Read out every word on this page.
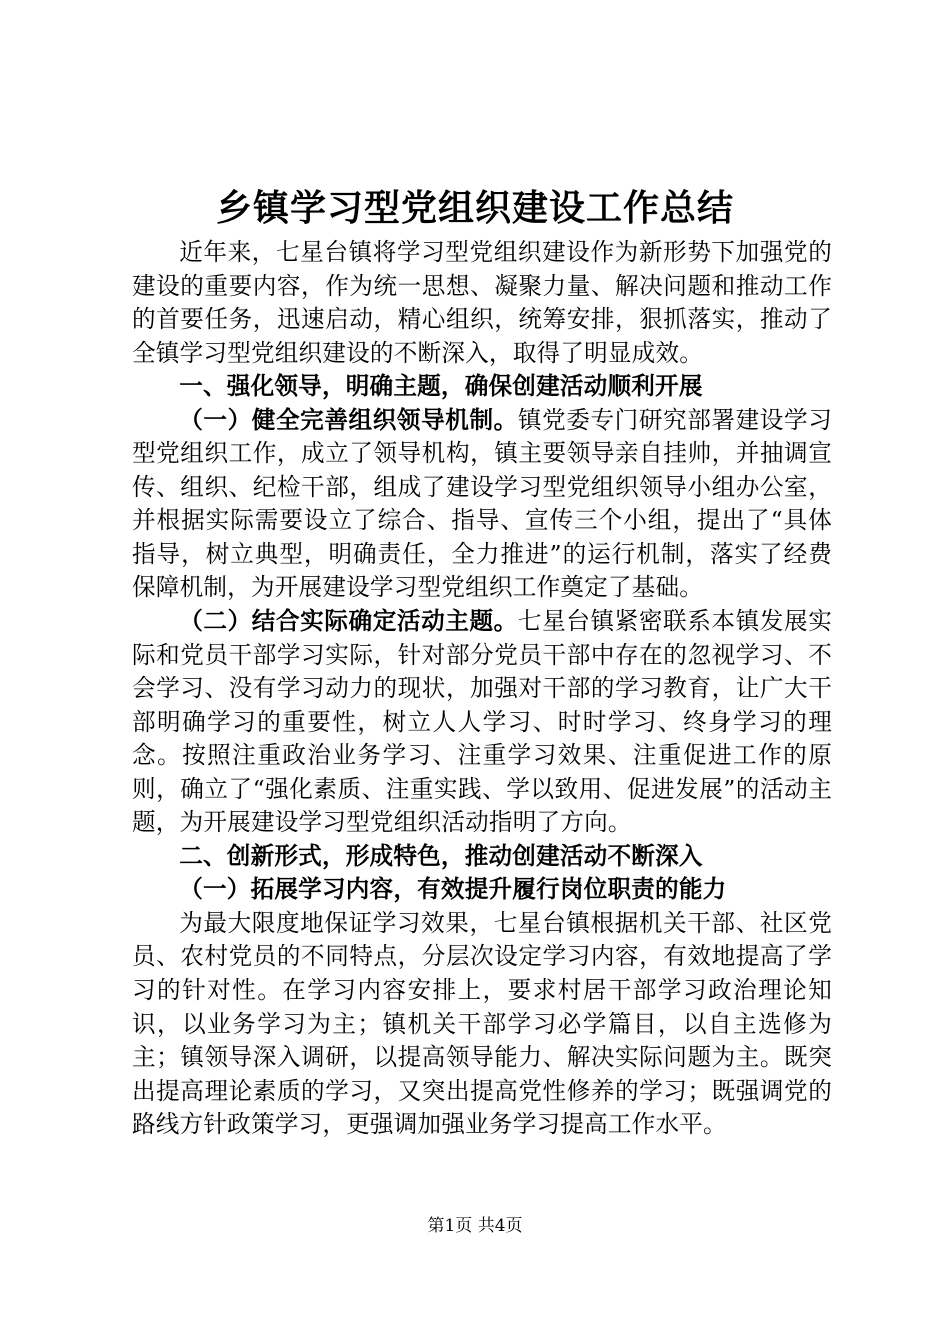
乡镇学习型党组织建设工作总结

近年来，七星台镇将学习型党组织建设作为新形势下加强党的建设的重要内容，作为统一思想、凝聚力量、解决问题和推动工作的首要任务，迅速启动，精心组织，统筹安排，狠抓落实，推动了全镇学习型党组织建设的不断深入，取得了明显成效。

一、强化领导，明确主题，确保创建活动顺利开展

（一）健全完善组织领导机制。镇党委专门研究部署建设学习型党组织工作，成立了领导机构，镇主要领导亲自挂帅，并抽调宣传、组织、纪检干部，组成了建设学习型党组织领导小组办公室，并根据实际需要设立了综合、指导、宣传三个小组，提出了“具体指导，树立典型，明确责任，全力推进”的运行机制，落实了经费保障机制，为开展建设学习型党组织工作奠定了基础。

（二）结合实际确定活动主题。七星台镇紧密联系本镇发展实际和党员干部学习实际，针对部分党员干部中存在的忽视学习、不会学习、没有学习动力的现状，加强对干部的学习教育，让广大干部明确学习的重要性，树立人人学习、时时学习、终身学习的理念。按照注重政治业务学习、注重学习效果、注重促进工作的原则，确立了“强化素质、注重实践、学以致用、促进发展”的活动主题，为开展建设学习型党组织活动指明了方向。

二、创新形式，形成特色，推动创建活动不断深入

（一）拓展学习内容，有效提升履行岗位职责的能力

为最大限度地保证学习效果，七星台镇根据机关干部、社区党员、农村党员的不同特点，分层次设定学习内容，有效地提高了学习的针对性。在学习内容安排上，要求村居干部学习政治理论知识，以业务学习为主；镇机关干部学习必学篇目，以自主选修为主；镇领导深入调研，以提高领导能力、解决实际问题为主。既突出提高理论素质的学习，又突出提高党性修养的学习；既强调党的路线方针政策学习，更强调加强业务学习提高工作水平。

第1页 共4页
